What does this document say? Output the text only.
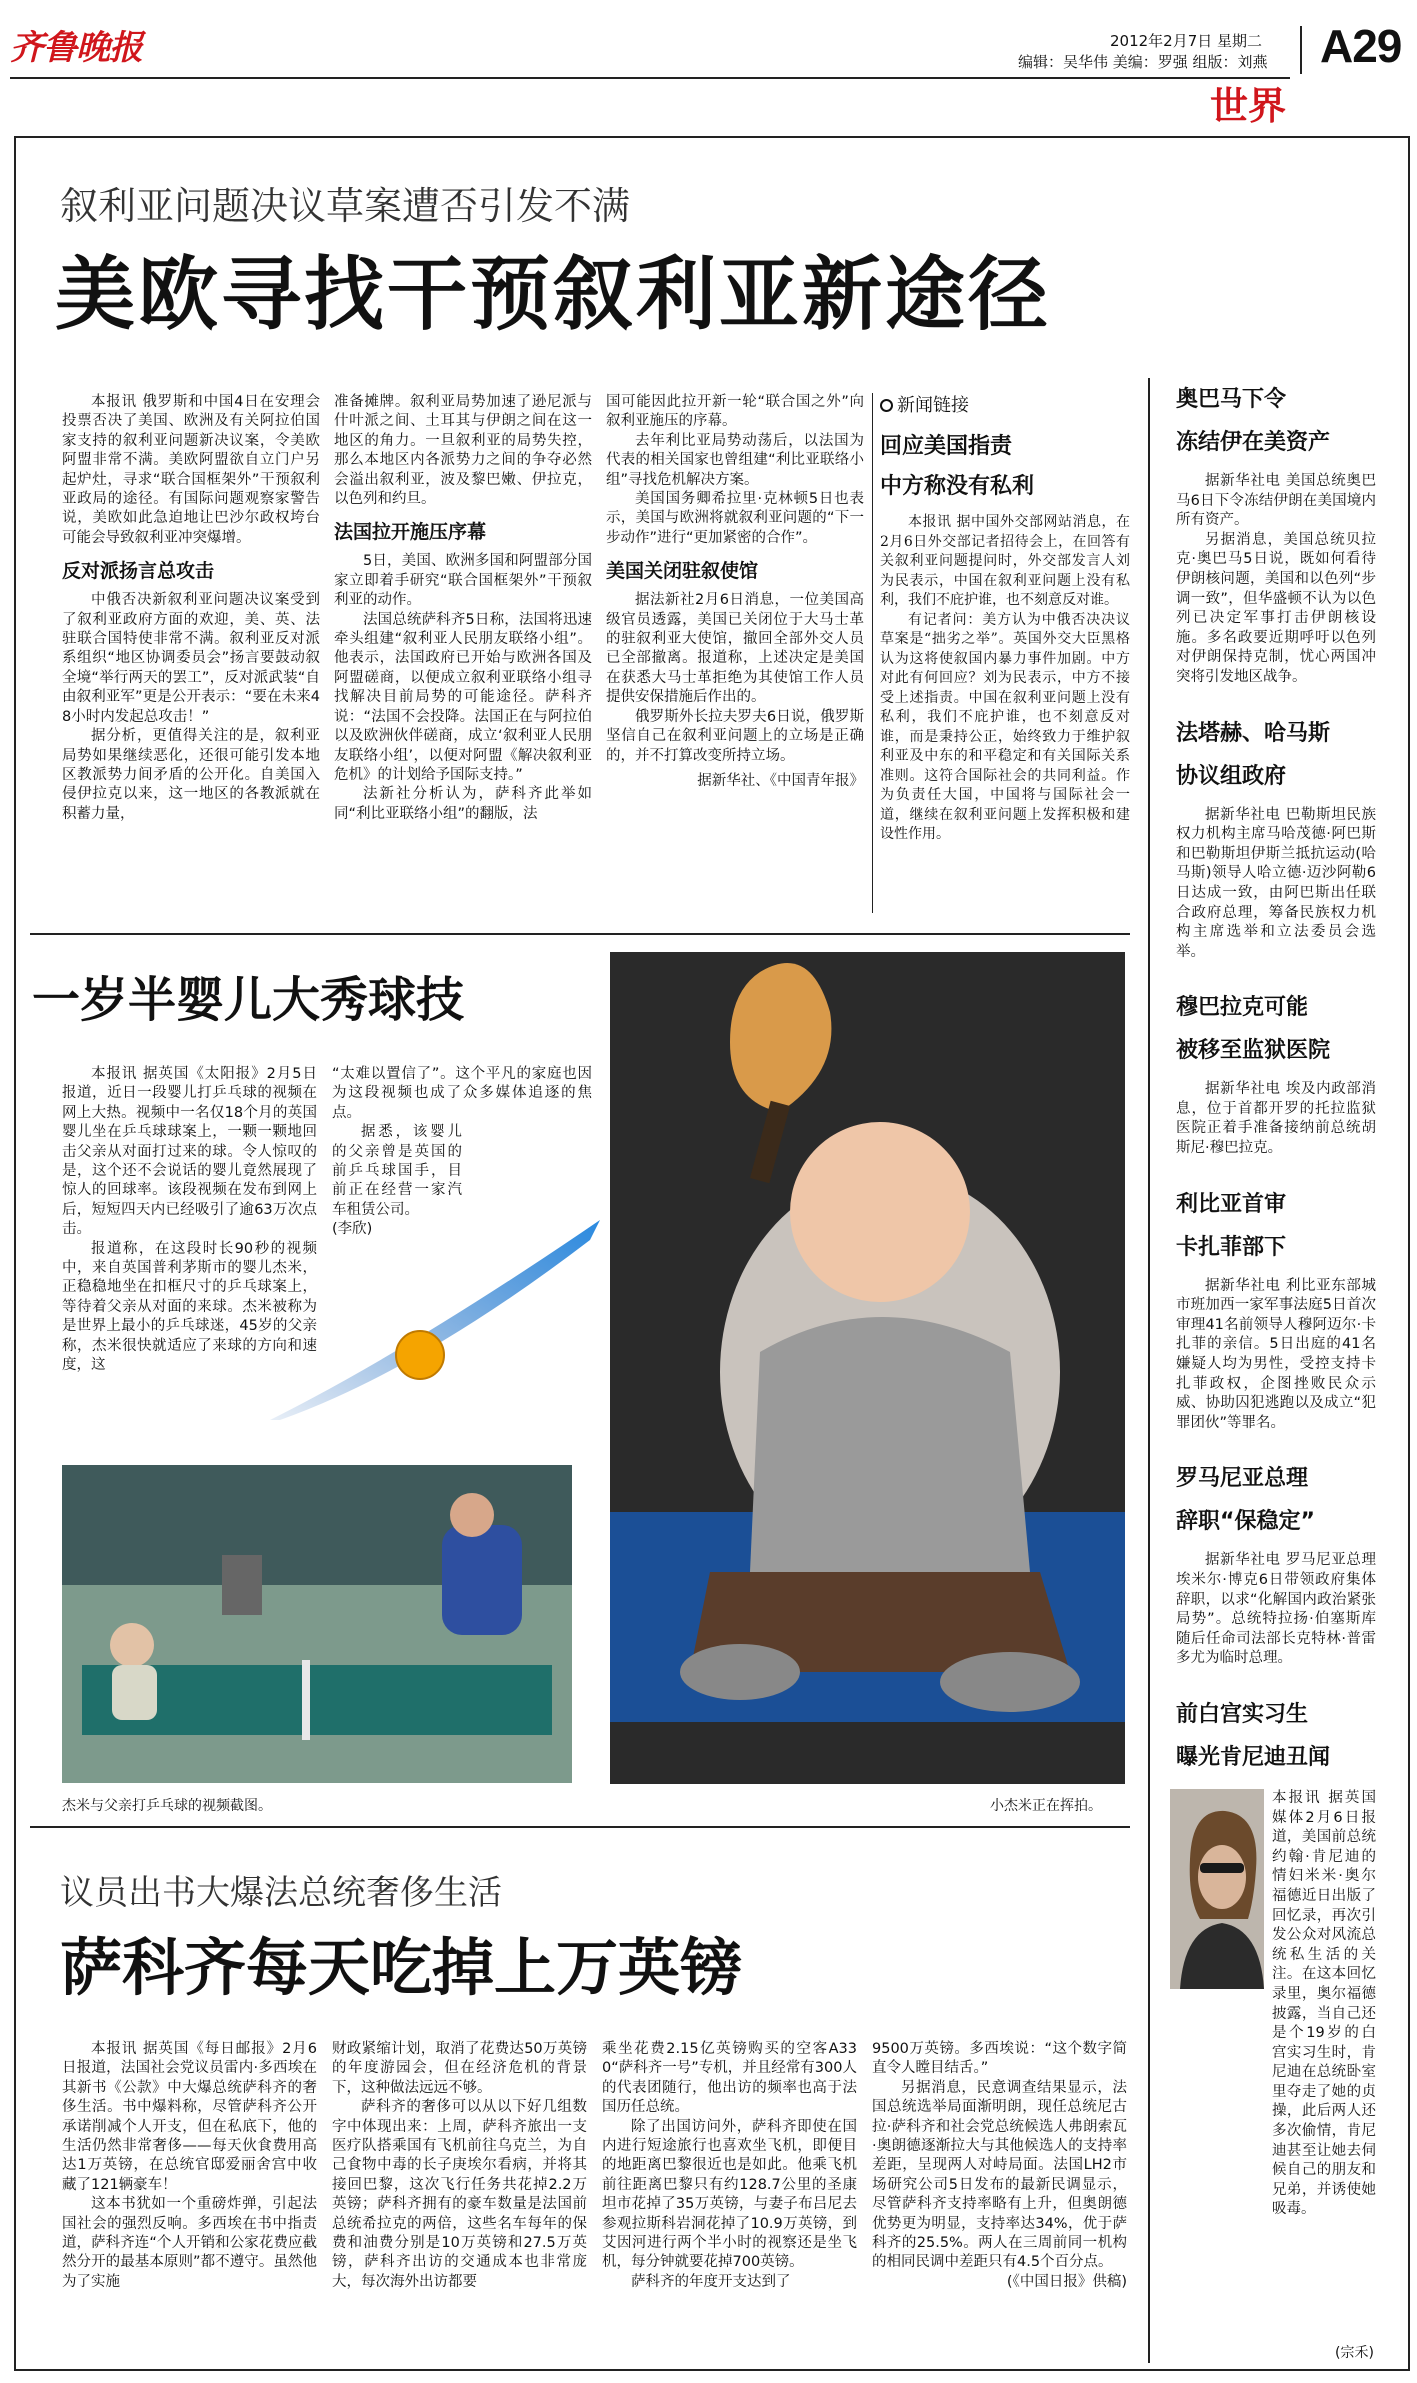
齐鲁晚报	2012年2月7日 星期二
编辑：吴华伟 美编：罗强 组版：刘燕 A29
世界
叙利亚问题决议草案遭否引发不满
美欧寻找干预叙利亚新途径

本报讯 俄罗斯和中国4日在安理会投票否决了美国、欧洲及有关阿拉伯国家支持的叙利亚问题新决议案，令美欧阿盟非常不满。美欧阿盟欲自立门户另起炉灶，寻求“联合国框架外”干预叙利亚政局的途径。有国际问题观察家警告说，美欧如此急迫地让巴沙尔政权垮台可能会导致叙利亚冲突爆增。

反对派扬言总攻击

中俄否决新叙利亚问题决议案受到了叙利亚政府方面的欢迎，美、英、法驻联合国特使非常不满。叙利亚反对派系组织“地区协调委员会”扬言要鼓动叙全境“举行两天的罢工”，反对派武装“自由叙利亚军”更是公开表示：“要在未来48小时内发起总攻击！”

据分析，更值得关注的是，叙利亚局势如果继续恶化，还很可能引发本地区教派势力间矛盾的公开化。自美国入侵伊拉克以来，这一地区的各教派就在积蓄力量，

准备摊牌。叙利亚局势加速了逊尼派与什叶派之间、土耳其与伊朗之间在这一地区的角力。一旦叙利亚的局势失控，那么本地区内各派势力之间的争夺必然会溢出叙利亚，波及黎巴嫩、伊拉克，以色列和约旦。

法国拉开施压序幕

5日，美国、欧洲多国和阿盟部分国家立即着手研究“联合国框架外”干预叙利亚的动作。

法国总统萨科齐5日称，法国将迅速牵头组建“叙利亚人民朋友联络小组”。他表示，法国政府已开始与欧洲各国及阿盟磋商，以便成立叙利亚联络小组寻找解决目前局势的可能途径。萨科齐说：“法国不会投降。法国正在与阿拉伯以及欧洲伙伴磋商，成立‘叙利亚人民朋友联络小组’，以便对阿盟《解决叙利亚危机》的计划给予国际支持。”

法新社分析认为，萨科齐此举如同“利比亚联络小组”的翻版，法

国可能因此拉开新一轮“联合国之外”向叙利亚施压的序幕。

去年利比亚局势动荡后，以法国为代表的相关国家也曾组建“利比亚联络小组”寻找危机解决方案。

美国国务卿希拉里·克林顿5日也表示，美国与欧洲将就叙利亚问题的“下一步动作”进行“更加紧密的合作”。

美国关闭驻叙使馆

据法新社2月6日消息，一位美国高级官员透露，美国已关闭位于大马士革的驻叙利亚大使馆，撤回全部外交人员已全部撤离。报道称，上述决定是美国在获悉大马士革拒绝为其使馆工作人员提供安保措施后作出的。

俄罗斯外长拉夫罗夫6日说，俄罗斯坚信自己在叙利亚问题上的立场是正确的，并不打算改变所持立场。

据新华社、《中国青年报》
新闻链接
回应美国指责
中方称没有私利

本报讯 据中国外交部网站消息，在2月6日外交部记者招待会上，在回答有关叙利亚问题提问时，外交部发言人刘为民表示，中国在叙利亚问题上没有私利，我们不庇护谁，也不刻意反对谁。

有记者问：美方认为中俄否决决议草案是“拙劣之举”。英国外交大臣黑格认为这将使叙国内暴力事件加剧。中方对此有何回应？刘为民表示，中方不接受上述指责。中国在叙利亚问题上没有私利，我们不庇护谁，也不刻意反对谁，而是秉持公正，始终致力于维护叙利亚及中东的和平稳定和有关国际关系准则。这符合国际社会的共同利益。作为负责任大国，中国将与国际社会一道，继续在叙利亚问题上发挥积极和建设性作用。

奥巴马下令
冻结伊在美资产

据新华社电 美国总统奥巴马6日下令冻结伊朗在美国境内所有资产。

另据消息，美国总统贝拉克·奥巴马5日说，既如何看待伊朗核问题，美国和以色列“步调一致”，但华盛顿不认为以色列已决定军事打击伊朗核设施。多名政要近期呼吁以色列对伊朗保持克制，忧心两国冲突将引发地区战争。

法塔赫、哈马斯
协议组政府

据新华社电 巴勒斯坦民族权力机构主席马哈茂德·阿巴斯和巴勒斯坦伊斯兰抵抗运动(哈马斯)领导人哈立德·迈沙阿勒6日达成一致，由阿巴斯出任联合政府总理，筹备民族权力机构主席选举和立法委员会选举。

穆巴拉克可能
被移至监狱医院

据新华社电 埃及内政部消息，位于首都开罗的托拉监狱医院正着手准备接纳前总统胡斯尼·穆巴拉克。

利比亚首审
卡扎菲部下

据新华社电 利比亚东部城市班加西一家军事法庭5日首次审理41名前领导人穆阿迈尔·卡扎菲的亲信。5日出庭的41名嫌疑人均为男性，受控支持卡扎菲政权，企图挫败民众示威、协助囚犯逃跑以及成立“犯罪团伙”等罪名。

罗马尼亚总理
辞职“保稳定”

据新华社电 罗马尼亚总理埃米尔·博克6日带领政府集体辞职，以求“化解国内政治紧张局势”。总统特拉扬·伯塞斯库随后任命司法部长克特林·普雷多尤为临时总理。

前白宫实习生
曝光肯尼迪丑闻

本报讯 据英国媒体2月6日报道，美国前总统约翰·肯尼迪的情妇米米·奥尔福德近日出版了回忆录，再次引发公众对风流总统私生活的关注。在这本回忆录里，奥尔福德披露，当自己还是个19岁的白宫实习生时，肯尼迪在总统卧室里夺走了她的贞操，此后两人还多次偷情，肯尼迪甚至让她去伺候自己的朋友和兄弟，并诱使她吸毒。

一岁半婴儿大秀球技

本报讯 据英国《太阳报》2月5日报道，近日一段婴儿打乒乓球的视频在网上大热。视频中一名仅18个月的英国婴儿坐在乒乓球球案上，一颗一颗地回击父亲从对面打过来的球。令人惊叹的是，这个还不会说话的婴儿竟然展现了惊人的回球率。该段视频在发布到网上后，短短四天内已经吸引了逾63万次点击。

报道称，在这段时长90秒的视频中，来自英国普利茅斯市的婴儿杰米，正稳稳地坐在扣框尺寸的乒乓球案上，等待着父亲从对面的来球。杰米被称为是世界上最小的乒乓球迷，45岁的父亲称，杰米很快就适应了来球的方向和速度，这

“太难以置信了”。这个平凡的家庭也因为这段视频也成了众多媒体追逐的焦点。

据悉，该婴儿的父亲曾是英国的前乒乓球国手，目前正在经营一家汽车租赁公司。

(李欣)
杰米与父亲打乒乓球的视频截图。	小杰米正在挥拍。
议员出书大爆法总统奢侈生活
萨科齐每天吃掉上万英镑

本报讯 据英国《每日邮报》2月6日报道，法国社会党议员雷内·多西埃在其新书《公款》中大爆总统萨科齐的奢侈生活。书中爆料称，尽管萨科齐公开承诺削减个人开支，但在私底下，他的生活仍然非常奢侈——每天伙食费用高达1万英镑，在总统官邸爱丽舍宫中收藏了121辆豪车！

这本书犹如一个重磅炸弹，引起法国社会的强烈反响。多西埃在书中指责道，萨科齐连“个人开销和公家花费应截然分开的最基本原则”都不遵守。虽然他为了实施

财政紧缩计划，取消了花费达50万英镑的年度游园会，但在经济危机的背景下，这种做法远远不够。

萨科齐的奢侈可以从以下好几组数字中体现出来：上周，萨科齐旅出一支医疗队搭乘国有飞机前往乌克兰，为自己食物中毒的长子庚埃尔看病，并将其接回巴黎，这次飞行任务共花掉2.2万英镑；萨科齐拥有的豪车数量是法国前总统希拉克的两倍，这些名车每年的保费和油费分别是10万英镑和27.5万英镑，萨科齐出访的交通成本也非常庞大，每次海外出访都要

乘坐花费2.15亿英镑购买的空客A330“萨科齐一号”专机，并且经常有300人的代表团随行，他出访的频率也高于法国历任总统。

除了出国访问外，萨科齐即使在国内进行短途旅行也喜欢坐飞机，即便目的地距离巴黎很近也是如此。他乘飞机前往距离巴黎只有约128.7公里的圣康坦市花掉了35万英镑，与妻子布吕尼去参观拉斯科岩洞花掉了10.9万英镑，到艾因河进行两个半小时的视察还是坐飞机，每分钟就要花掉700英镑。

萨科齐的年度开支达到了

9500万英镑。多西埃说：“这个数字简直令人瞠目结舌。”

另据消息，民意调查结果显示，法国总统选举局面渐明朗，现任总统尼古拉·萨科齐和社会党总统候选人弗朗索瓦·奥朗德逐渐拉大与其他候选人的支持率差距，呈现两人对峙局面。法国LH2市场研究公司5日发布的最新民调显示，尽管萨科齐支持率略有上升，但奥朗德优势更为明显，支持率达34%，优于萨科齐的25.5%。两人在三周前同一机构的相同民调中差距只有4.5个百分点。

(《中国日报》供稿)
(宗禾)
